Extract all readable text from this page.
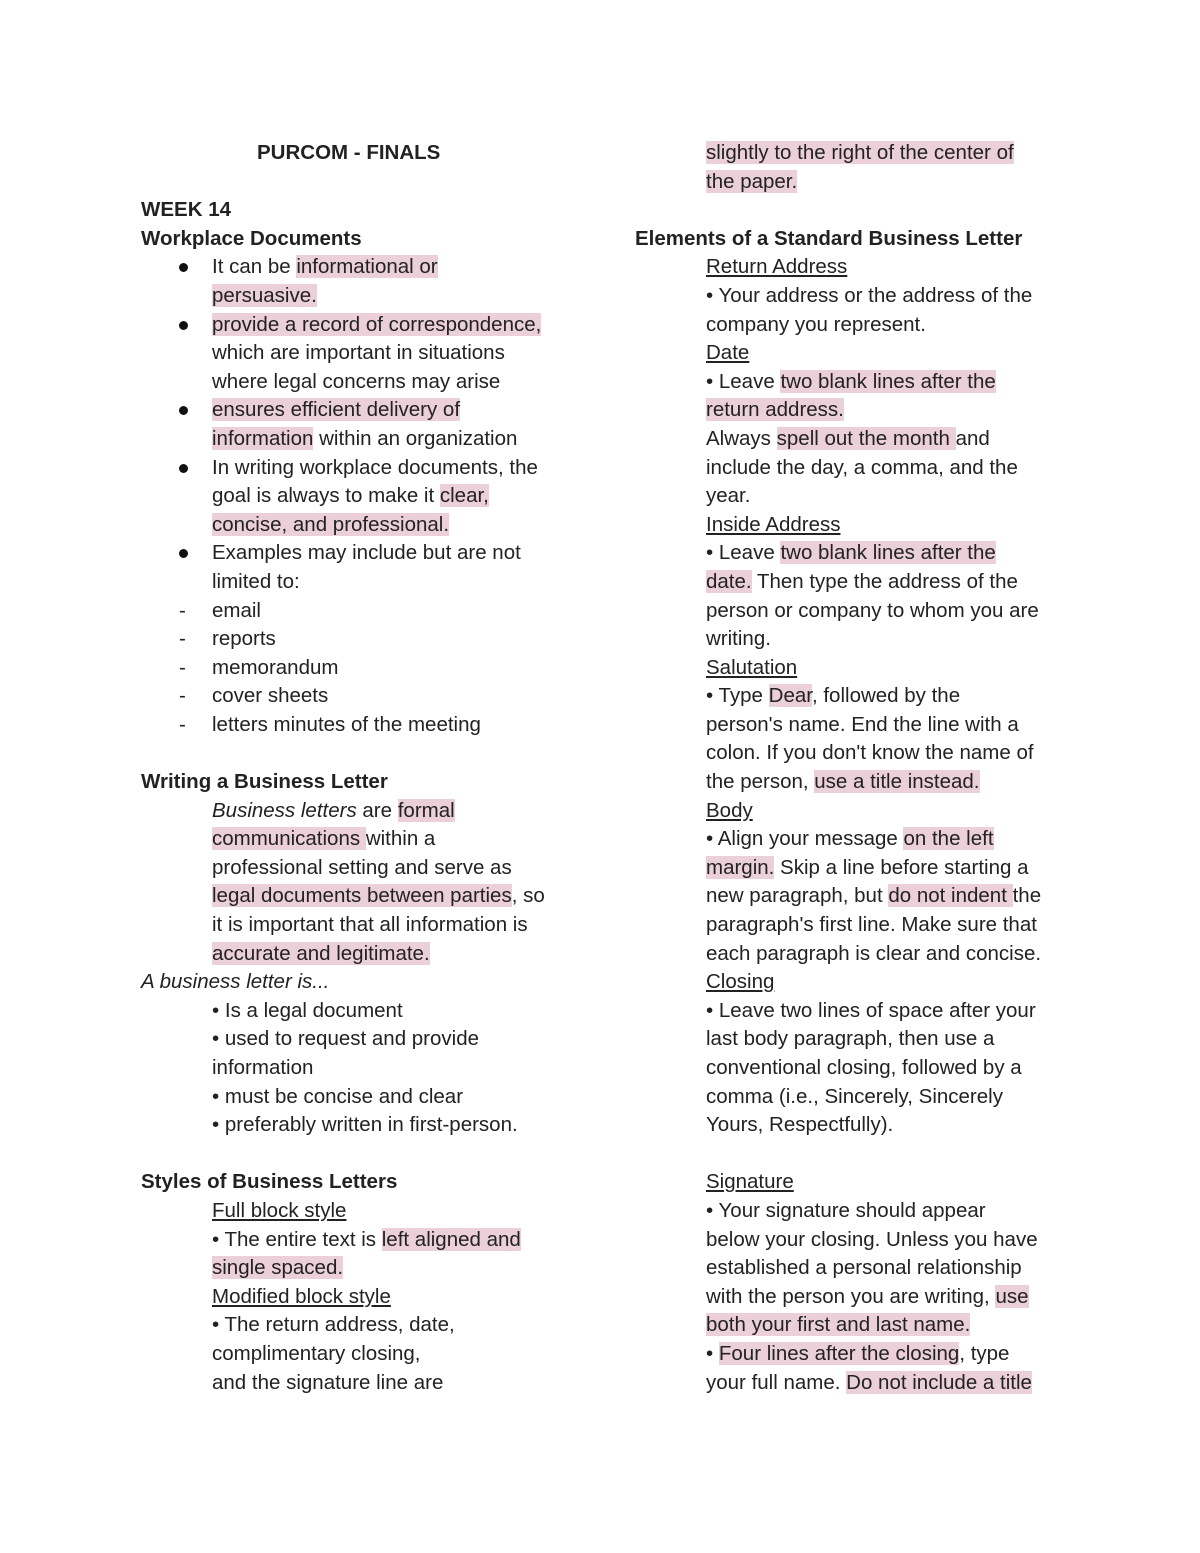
PURCOM - FINALS
WEEK 14
Workplace Documents
It can be informational or
persuasive.
provide a record of correspondence,
which are important in situations
where legal concerns may arise
ensures efficient delivery of
information within an organization
In writing workplace documents, the
goal is always to make it clear,
concise, and professional.
Examples may include but are not
limited to:
- email
- reports
- memorandum
- cover sheets
- letters minutes of the meeting
Writing a Business Letter
Business letters are formal
communications within a
professional setting and serve as
legal documents between parties, so
it is important that all information is
accurate and legitimate.
A business letter is...
• Is a legal document
• used to request and provide
information
• must be concise and clear
• preferably written in first-person.
Styles of Business Letters
Full block style
• The entire text is left aligned and
single spaced.
Modified block style
• The return address, date,
complimentary closing,
and the signature line are
slightly to the right of the center of
the paper.
Elements of a Standard Business Letter
Return Address
• Your address or the address of the
company you represent.
Date
• Leave two blank lines after the
return address.
Always spell out the month and
include the day, a comma, and the
year.
Inside Address
• Leave two blank lines after the
date. Then type the address of the
person or company to whom you are
writing.
Salutation
• Type Dear, followed by the
person's name. End the line with a
colon. If you don't know the name of
the person, use a title instead.
Body
• Align your message on the left
margin. Skip a line before starting a
new paragraph, but do not indent the
paragraph's first line. Make sure that
each paragraph is clear and concise.
Closing
• Leave two lines of space after your
last body paragraph, then use a
conventional closing, followed by a
comma (i.e., Sincerely, Sincerely
Yours, Respectfully).
Signature
• Your signature should appear
below your closing. Unless you have
established a personal relationship
with the person you are writing, use
both your first and last name.
• Four lines after the closing, type
your full name. Do not include a title
